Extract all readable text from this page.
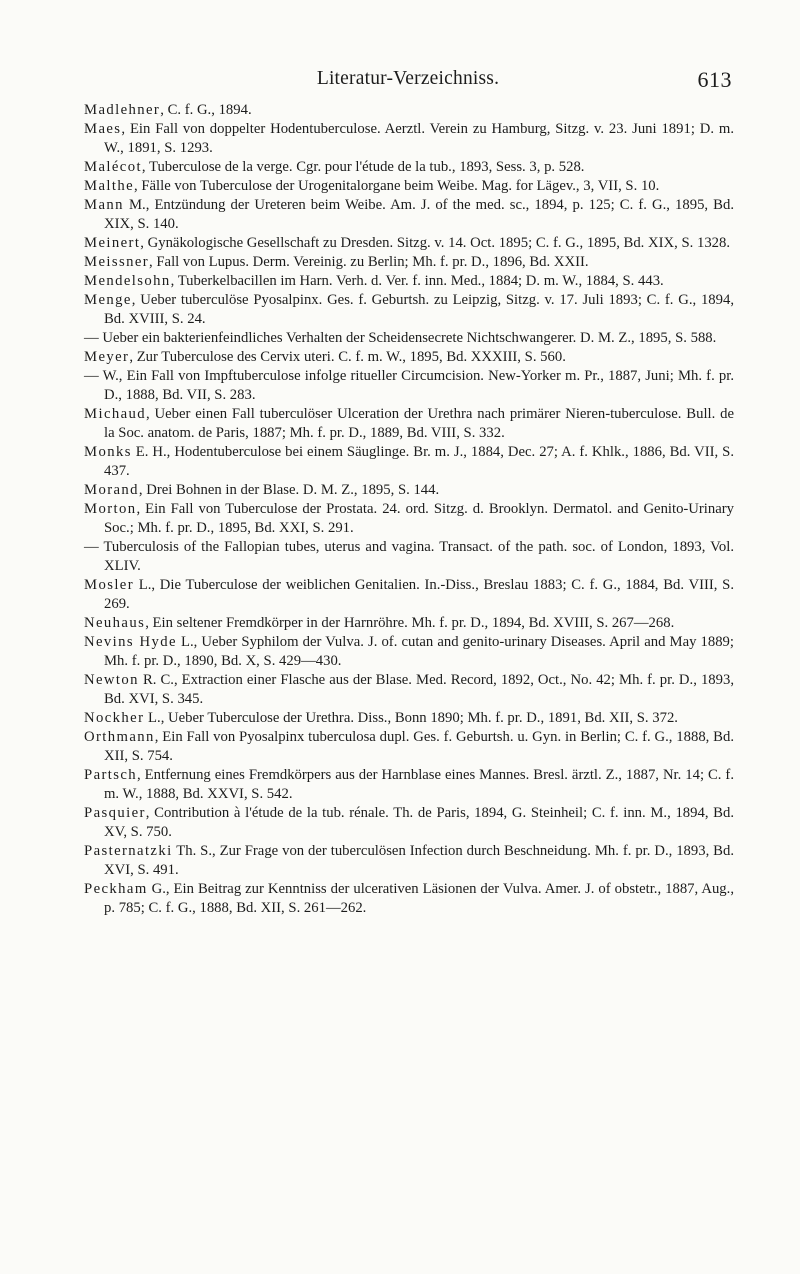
Literatur-Verzeichniss.	613

Madlehner, C. f. G., 1894.

Maes, Ein Fall von doppelter Hodentuberculose. Aerztl. Verein zu Hamburg, Sitzg. v. 23. Juni 1891; D. m. W., 1891, S. 1293.

Malécot, Tuberculose de la verge. Cgr. pour l'étude de la tub., 1893, Sess. 3, p. 528.

Malthe, Fälle von Tuberculose der Urogenitalorgane beim Weibe. Mag. for Lägev., 3, VII, S. 10.

Mann M., Entzündung der Ureteren beim Weibe. Am. J. of the med. sc., 1894, p. 125; C. f. G., 1895, Bd. XIX, S. 140.

Meinert, Gynäkologische Gesellschaft zu Dresden. Sitzg. v. 14. Oct. 1895; C. f. G., 1895, Bd. XIX, S. 1328.

Meissner, Fall von Lupus. Derm. Vereinig. zu Berlin; Mh. f. pr. D., 1896, Bd. XXII.

Mendelsohn, Tuberkelbacillen im Harn. Verh. d. Ver. f. inn. Med., 1884; D. m. W., 1884, S. 443.

Menge, Ueber tuberculöse Pyosalpinx. Ges. f. Geburtsh. zu Leipzig, Sitzg. v. 17. Juli 1893; C. f. G., 1894, Bd. XVIII, S. 24.

— Ueber ein bakterienfeindliches Verhalten der Scheidensecrete Nichtschwangerer. D. M. Z., 1895, S. 588.

Meyer, Zur Tuberculose des Cervix uteri. C. f. m. W., 1895, Bd. XXXIII, S. 560.

— W., Ein Fall von Impftuberculose infolge ritueller Circumcision. New-Yorker m. Pr., 1887, Juni; Mh. f. pr. D., 1888, Bd. VII, S. 283.

Michaud, Ueber einen Fall tuberculöser Ulceration der Urethra nach primärer Nieren-tuberculose. Bull. de la Soc. anatom. de Paris, 1887; Mh. f. pr. D., 1889, Bd. VIII, S. 332.

Monks E. H., Hodentuberculose bei einem Säuglinge. Br. m. J., 1884, Dec. 27; A. f. Khlk., 1886, Bd. VII, S. 437.

Morand, Drei Bohnen in der Blase. D. M. Z., 1895, S. 144.

Morton, Ein Fall von Tuberculose der Prostata. 24. ord. Sitzg. d. Brooklyn. Dermatol. and Genito-Urinary Soc.; Mh. f. pr. D., 1895, Bd. XXI, S. 291.

— Tuberculosis of the Fallopian tubes, uterus and vagina. Transact. of the path. soc. of London, 1893, Vol. XLIV.

Mosler L., Die Tuberculose der weiblichen Genitalien. In.-Diss., Breslau 1883; C. f. G., 1884, Bd. VIII, S. 269.

Neuhaus, Ein seltener Fremdkörper in der Harnröhre. Mh. f. pr. D., 1894, Bd. XVIII, S. 267—268.

Nevins Hyde L., Ueber Syphilom der Vulva. J. of. cutan and genito-urinary Diseases. April and May 1889; Mh. f. pr. D., 1890, Bd. X, S. 429—430.

Newton R. C., Extraction einer Flasche aus der Blase. Med. Record, 1892, Oct., No. 42; Mh. f. pr. D., 1893, Bd. XVI, S. 345.

Nockher L., Ueber Tuberculose der Urethra. Diss., Bonn 1890; Mh. f. pr. D., 1891, Bd. XII, S. 372.

Orthmann, Ein Fall von Pyosalpinx tuberculosa dupl. Ges. f. Geburtsh. u. Gyn. in Berlin; C. f. G., 1888, Bd. XII, S. 754.

Partsch, Entfernung eines Fremdkörpers aus der Harnblase eines Mannes. Bresl. ärztl. Z., 1887, Nr. 14; C. f. m. W., 1888, Bd. XXVI, S. 542.

Pasquier, Contribution à l'étude de la tub. rénale. Th. de Paris, 1894, G. Steinheil; C. f. inn. M., 1894, Bd. XV, S. 750.

Pasternatzki Th. S., Zur Frage von der tuberculösen Infection durch Beschneidung. Mh. f. pr. D., 1893, Bd. XVI, S. 491.

Peckham G., Ein Beitrag zur Kenntniss der ulcerativen Läsionen der Vulva. Amer. J. of obstetr., 1887, Aug., p. 785; C. f. G., 1888, Bd. XII, S. 261—262.
